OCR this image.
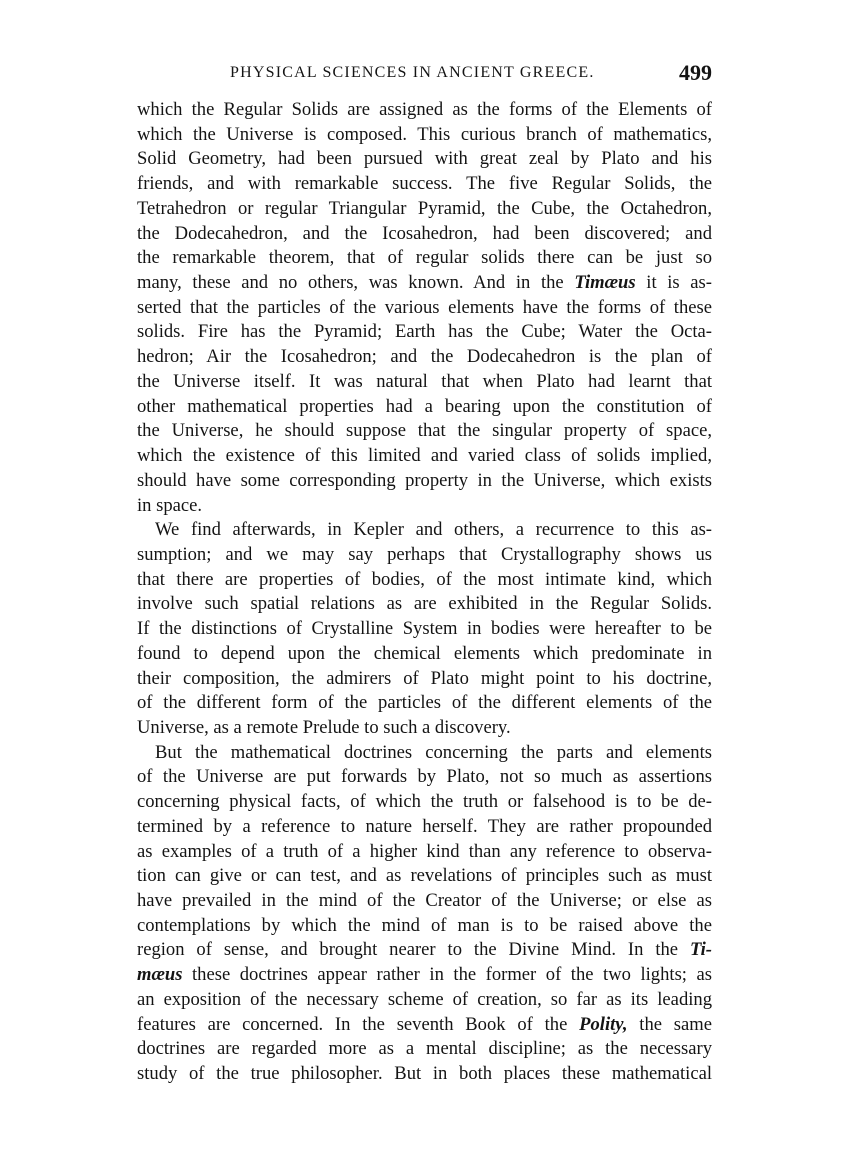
PHYSICAL SCIENCES IN ANCIENT GREECE.	499
which the Regular Solids are assigned as the forms of the Elements of
which the Universe is composed. This curious branch of mathematics,
Solid Geometry, had been pursued with great zeal by Plato and his
friends, and with remarkable success. The five Regular Solids, the
Tetrahedron or regular Triangular Pyramid, the Cube, the Octahedron,
the Dodecahedron, and the Icosahedron, had been discovered; and
the remarkable theorem, that of regular solids there can be just so
many, these and no others, was known. And in the Timæus it is as-
serted that the particles of the various elements have the forms of these
solids. Fire has the Pyramid; Earth has the Cube; Water the Octa-
hedron; Air the Icosahedron; and the Dodecahedron is the plan of
the Universe itself. It was natural that when Plato had learnt that
other mathematical properties had a bearing upon the constitution of
the Universe, he should suppose that the singular property of space,
which the existence of this limited and varied class of solids implied,
should have some corresponding property in the Universe, which exists
in space.
We find afterwards, in Kepler and others, a recurrence to this as-
sumption; and we may say perhaps that Crystallography shows us
that there are properties of bodies, of the most intimate kind, which
involve such spatial relations as are exhibited in the Regular Solids.
If the distinctions of Crystalline System in bodies were hereafter to be
found to depend upon the chemical elements which predominate in
their composition, the admirers of Plato might point to his doctrine,
of the different form of the particles of the different elements of the
Universe, as a remote Prelude to such a discovery.
But the mathematical doctrines concerning the parts and elements
of the Universe are put forwards by Plato, not so much as assertions
concerning physical facts, of which the truth or falsehood is to be de-
termined by a reference to nature herself. They are rather propounded
as examples of a truth of a higher kind than any reference to observa-
tion can give or can test, and as revelations of principles such as must
have prevailed in the mind of the Creator of the Universe; or else as
contemplations by which the mind of man is to be raised above the
region of sense, and brought nearer to the Divine Mind. In the Ti-
mæus these doctrines appear rather in the former of the two lights; as
an exposition of the necessary scheme of creation, so far as its leading
features are concerned. In the seventh Book of the Polity, the same
doctrines are regarded more as a mental discipline; as the necessary
study of the true philosopher. But in both places these mathematical
